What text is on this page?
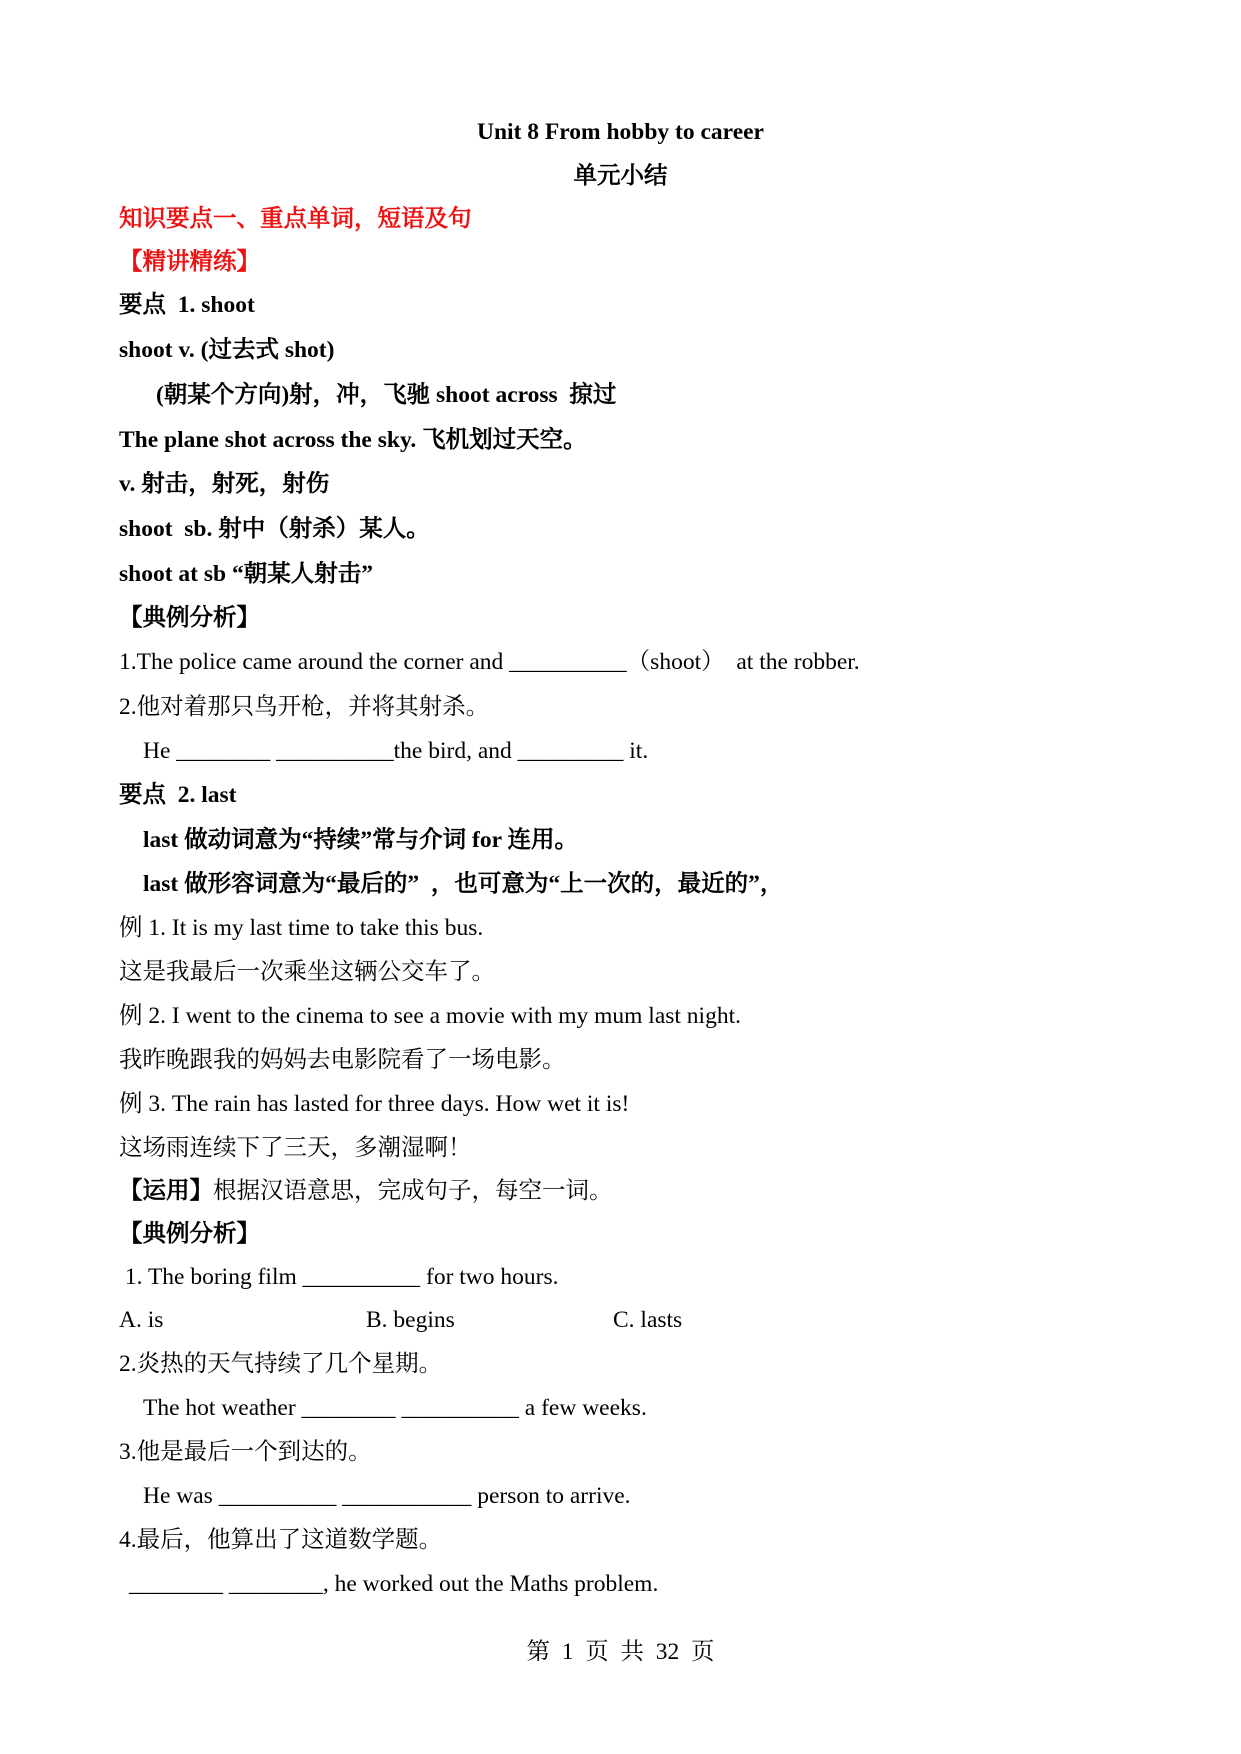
Unit 8 From hobby to career
单元小结
知识要点一、重点单词，短语及句
【精讲精练】
要点  1. shoot
shoot v. (过去式 shot)
(朝某个方向)射，冲，飞驰 shoot across  掠过
The plane shot across the sky. 飞机划过天空。
v. 射击，射死，射伤
shoot  sb. 射中（射杀）某人。
shoot at sb “朝某人射击”
【典例分析】
1.The police came around the corner and __________（shoot）  at the robber.
2.他对着那只鸟开枪，并将其射杀。
He ________ __________the bird, and _________ it.
要点  2. last
last 做动词意为“持续”常与介词 for 连用。
last 做形容词意为“最后的”  ，也可意为“上一次的，最近的”，
例 1. It is my last time to take this bus.
这是我最后一次乘坐这辆公交车了。
例 2. I went to the cinema to see a movie with my mum last night.
我昨晚跟我的妈妈去电影院看了一场电影。
例 3. The rain has lasted for three days. How wet it is!
这场雨连续下了三天，多潮湿啊！
【运用】根据汉语意思，完成句子，每空一词。
【典例分析】
1. The boring film __________ for two hours.
A. is	B. begins	C. lasts
2.炎热的天气持续了几个星期。
The hot weather ________ __________ a few weeks.
3.他是最后一个到达的。
He was __________ ___________ person to arrive.
4.最后，他算出了这道数学题。
________ ________, he worked out the Maths problem.
第  1  页  共  32  页
